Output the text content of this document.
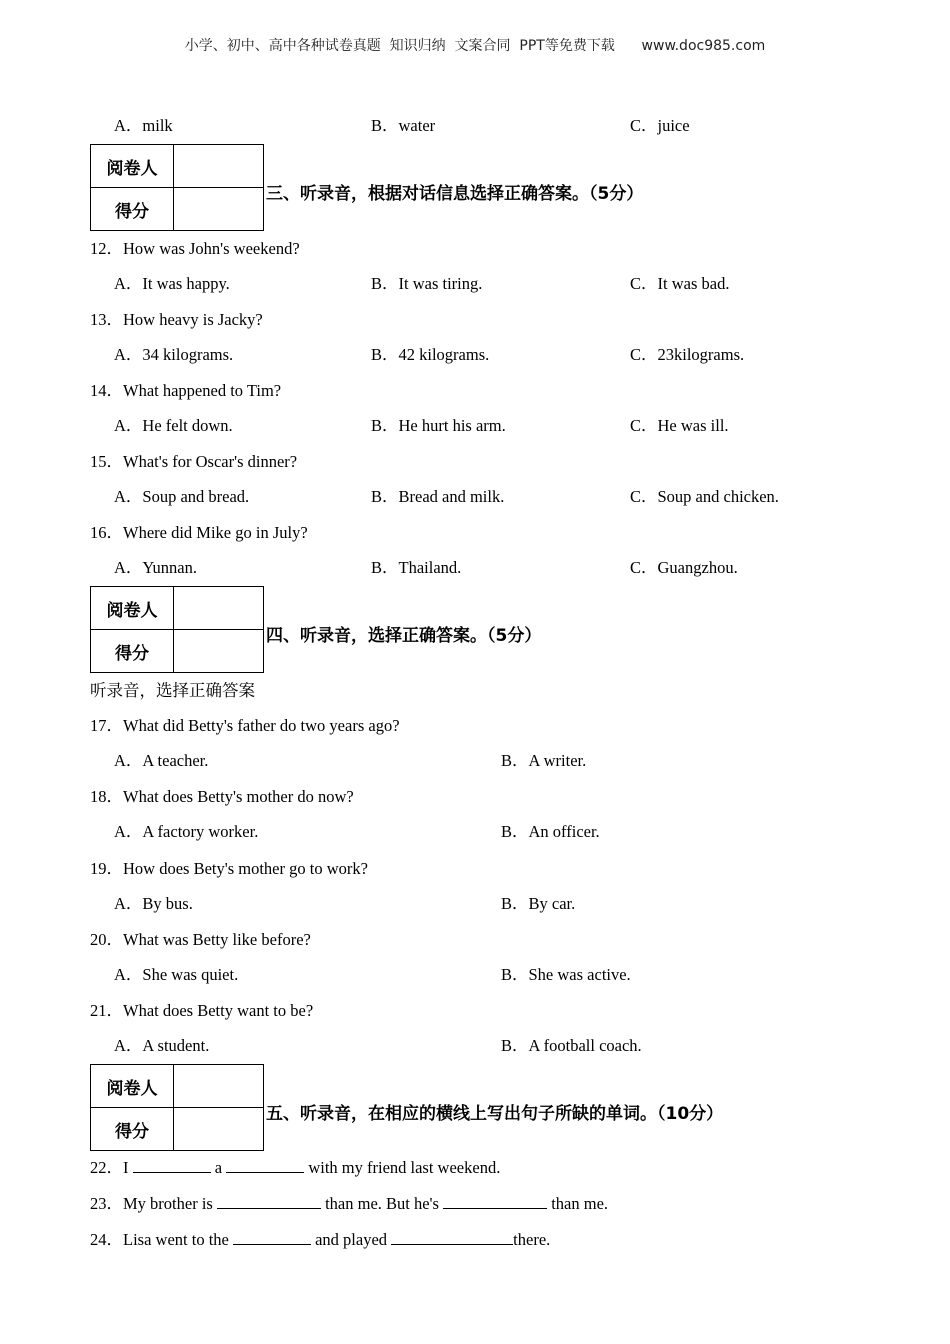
小学、初中、高中各种试卷真题  知识归纳  文案合同  PPT等免费下载      www.doc985.com
A．milk	B．water	C．juice
阅卷人	
得分	
三、听录音，根据对话信息选择正确答案。（5分）
12．How was John's weekend?
A．It was happy.	B．It was tiring.	C．It was bad.
13．How heavy is Jacky?
A．34 kilograms.	B．42 kilograms.	C．23kilograms.
14．What happened to Tim?
A．He felt down.	B．He hurt his arm.	C．He was ill.
15．What's for Oscar's dinner?
A．Soup and bread.	B．Bread and milk.	C．Soup and chicken.
16．Where did Mike go in July?
A．Yunnan.	B．Thailand.	C．Guangzhou.
阅卷人	
得分	
四、听录音，选择正确答案。（5分）
听录音，选择正确答案
17．What did Betty's father do two years ago?
A．A teacher.	B．A writer.
18．What does Betty's mother do now?
A．A factory worker.	B．An officer.
19．How does Bety's mother go to work?
A．By bus.	B．By car.
20．What was Betty like before?
A．She was quiet.	B．She was active.
21．What does Betty want to be?
A．A student.	B．A football coach.
阅卷人	
得分	
五、听录音，在相应的横线上写出句子所缺的单词。（10分）
22．I	a	with my friend last weekend.
23．My brother is	than me. But he's	than me.
24．Lisa went to the	and played	there.
